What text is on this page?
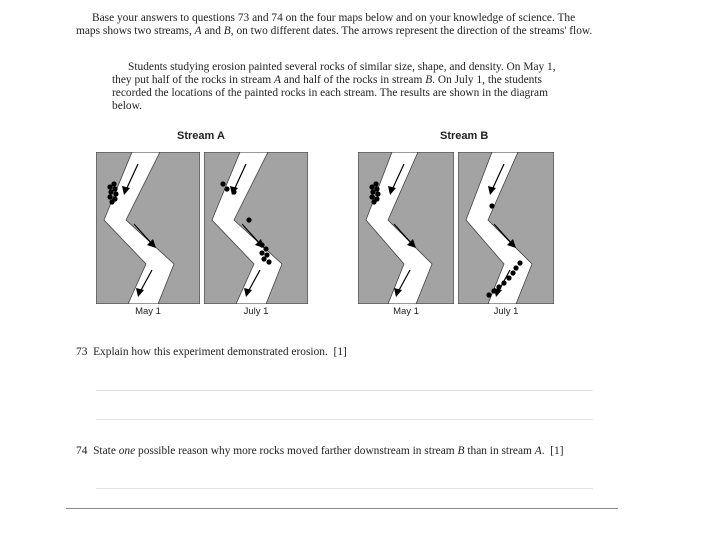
Base your answers to questions 73 and 74 on the four maps below and on your knowledge of science. The maps shows two streams, A and B, on two different dates. The arrows represent the direction of the streams' flow.

Students studying erosion painted several rocks of similar size, shape, and density. On May 1, they put half of the rocks in stream A and half of the rocks in stream B. On July 1, the students recorded the locations of the painted rocks in each stream. The results are shown in the diagram below.

Stream A	Stream B
May 1	July 1	May 1	July 1

73 Explain how this experiment demonstrated erosion. [1]

74 State one possible reason why more rocks moved farther downstream in stream B than in stream A. [1]
